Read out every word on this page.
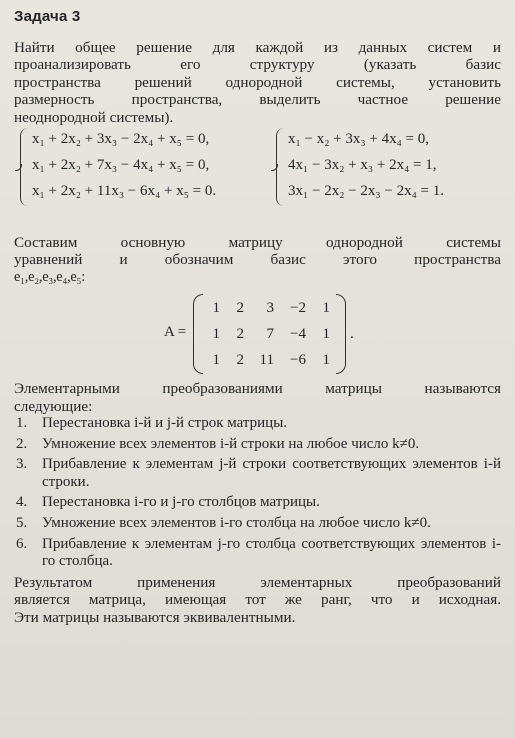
Задача 3

Найти общее решение для каждой из данных систем и

проанализировать его структуру (указать базис

пространства решений однородной системы, установить

размерность пространства, выделить частное решение

неоднородной системы).

x₁ + 2x₂ + 3x₃ − 2x₄ + x₅ = 0,
x₁ + 2x₂ + 7x₃ − 4x₄ + x₅ = 0,
x₁ + 2x₂ + 11x₃ − 6x₄ + x₅ = 0.
x₁ − x₂ + 3x₃ + 4x₄ = 0,
4x₁ − 3x₂ + x₃ + 2x₄ = 1,
3x₁ − 2x₂ − 2x₃ − 2x₄ = 1.

Составим основную матрицу однородной системы

уравнений и обозначим базис этого пространства

e₁,e₂,e₃,e₄,e₅:

A =
1	2	3	−2	1
1	2	7	−4	1
1	2	11	−6	1
.

Элементарными преобразованиями матрицы называются

следующие:

1. Перестановка i-й и j-й строк матрицы.
2. Умножение всех элементов i-й строки на любое число k≠0.
3. Прибавление к элементам j-й строки соответствующих элементов i-й строки.
4. Перестановка i-го и j-го столбцов матрицы.
5. Умножение всех элементов i-го столбца на любое число k≠0.
6. Прибавление к элементам j-го столбца соответствующих элементов i-го столбца.

Результатом применения элементарных преобразований

является матрица, имеющая тот же ранг, что и исходная.

Эти матрицы называются эквивалентными.
